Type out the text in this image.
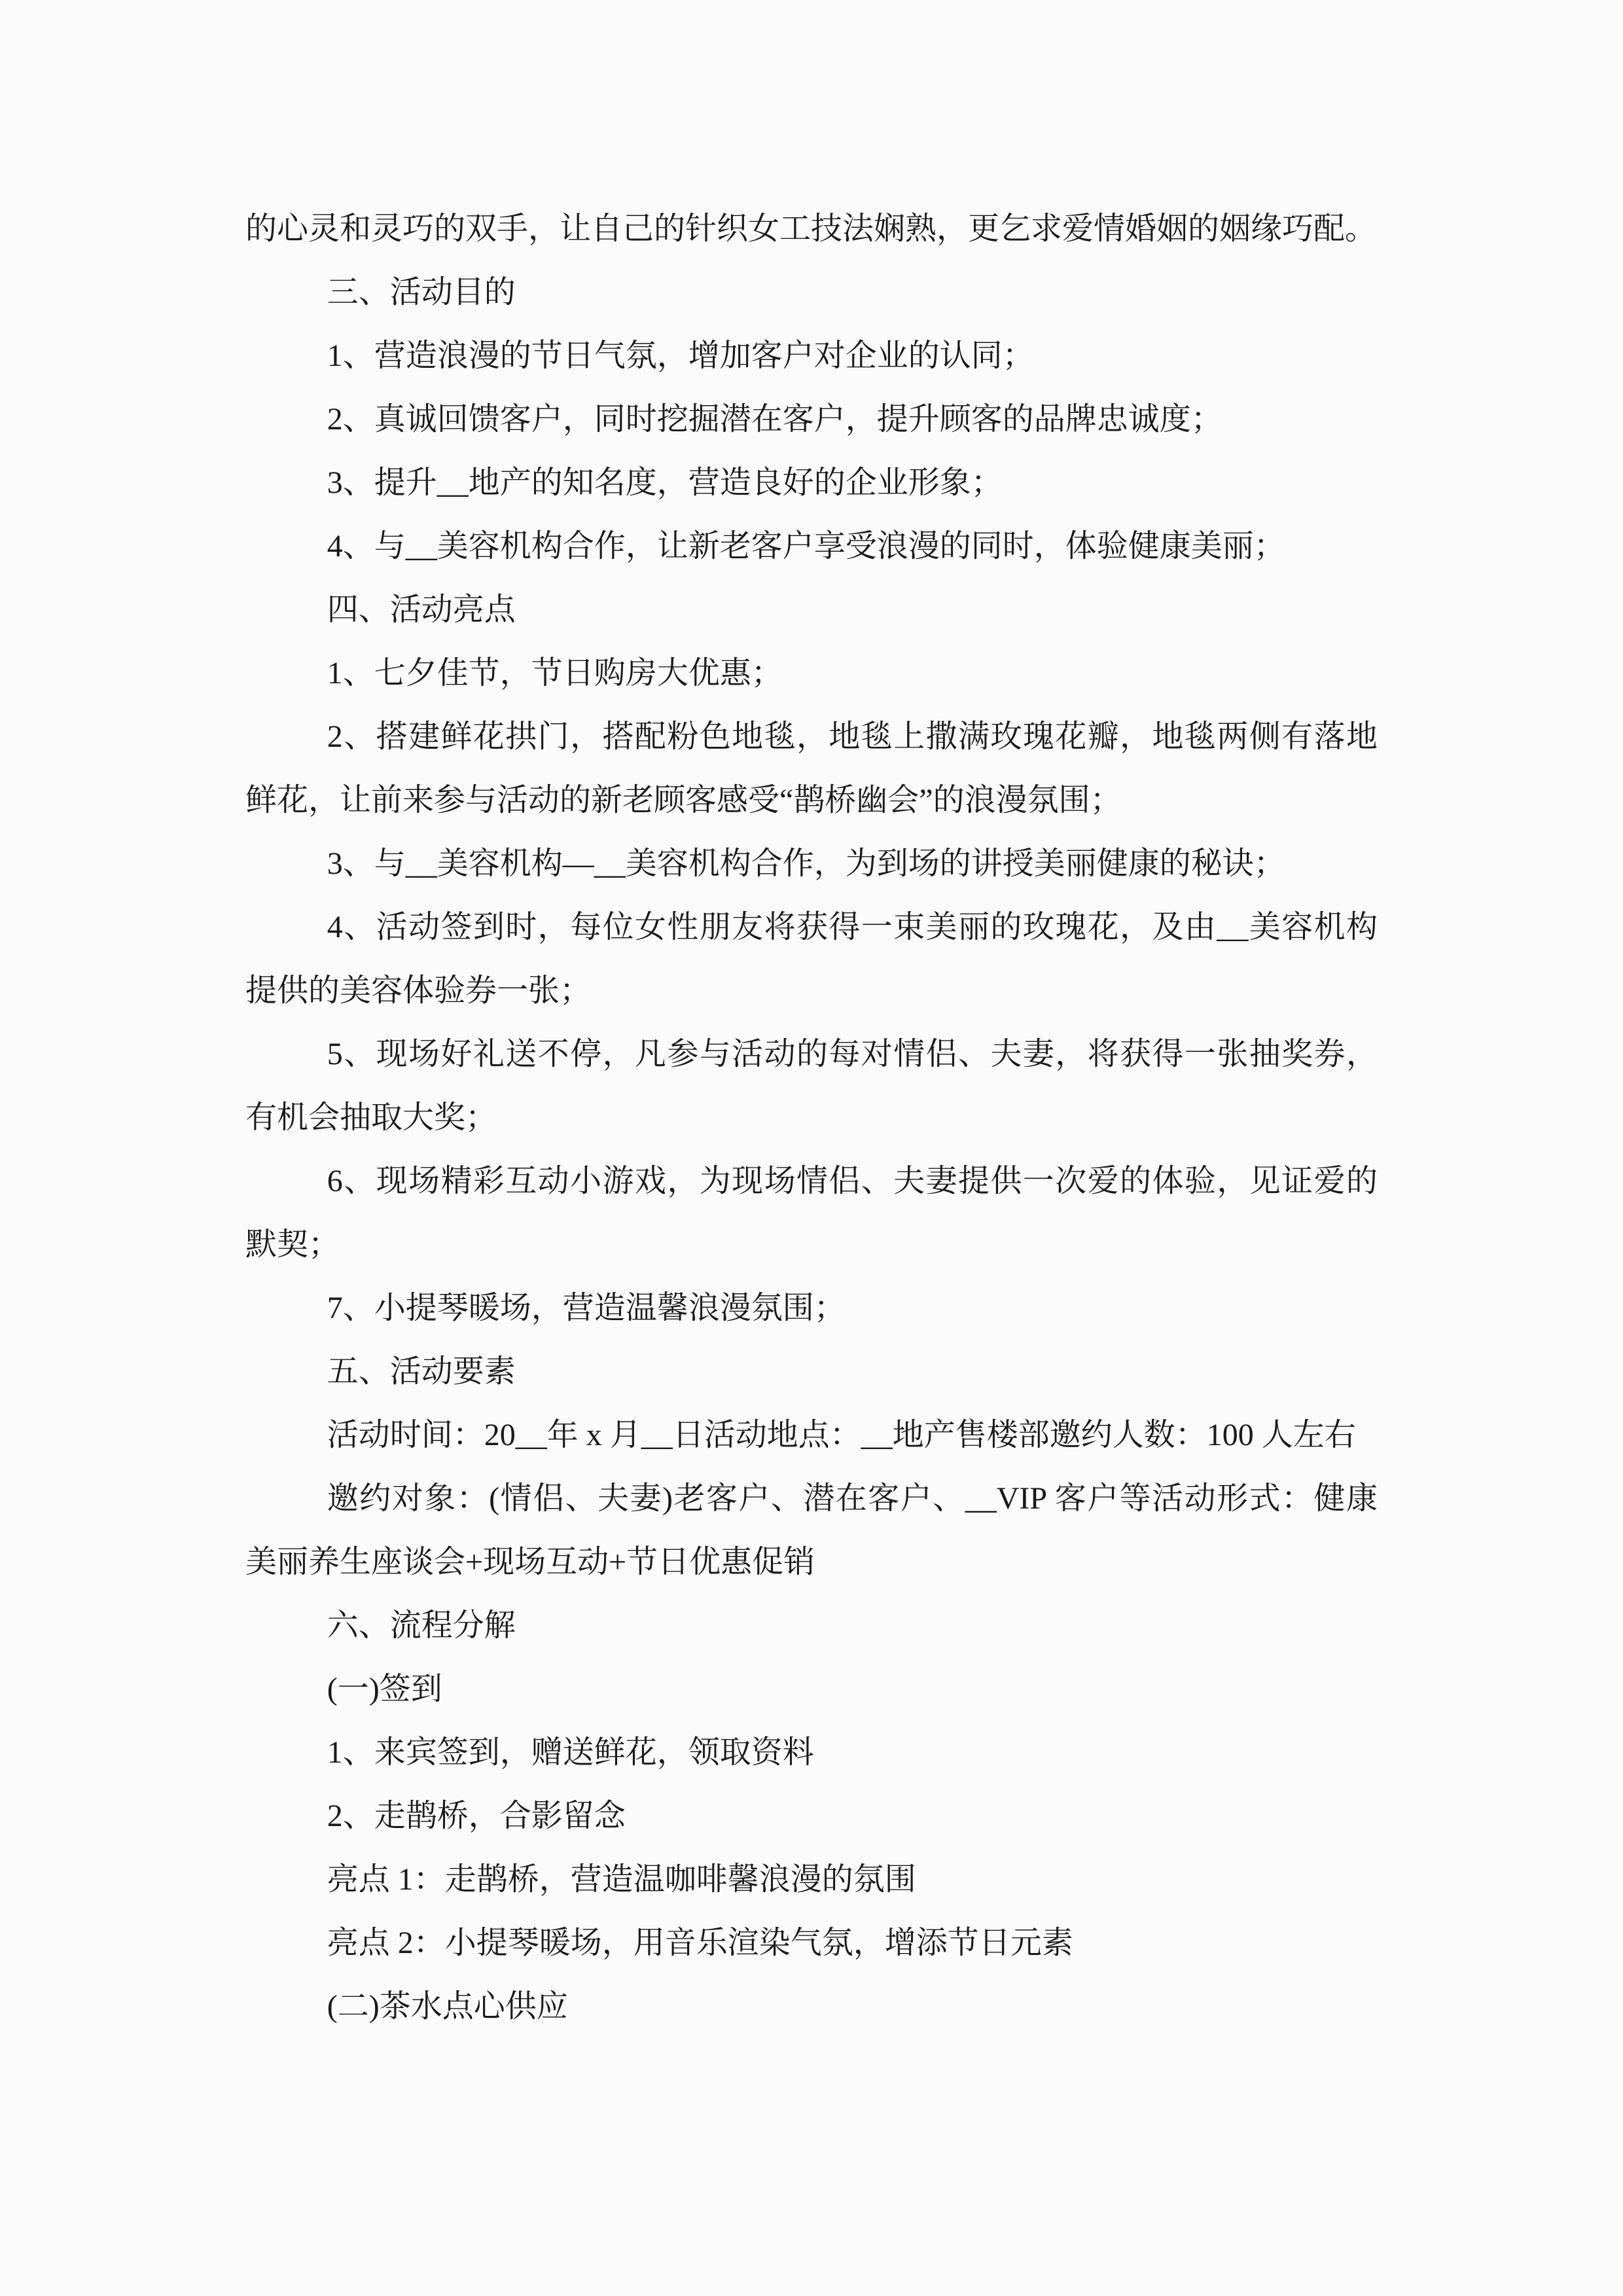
的心灵和灵巧的双手，让自己的针织女工技法娴熟，更乞求爱情婚姻的姻缘巧配。

三、活动目的

1、营造浪漫的节日气氛，增加客户对企业的认同；

2、真诚回馈客户，同时挖掘潜在客户，提升顾客的品牌忠诚度；

3、提升__地产的知名度，营造良好的企业形象；

4、与__美容机构合作，让新老客户享受浪漫的同时，体验健康美丽；

四、活动亮点

1、七夕佳节，节日购房大优惠；

2、搭建鲜花拱门，搭配粉色地毯，地毯上撒满玫瑰花瓣，地毯两侧有落地鲜花，让前来参与活动的新老顾客感受“鹊桥幽会”的浪漫氛围；

3、与__美容机构—__美容机构合作，为到场的讲授美丽健康的秘诀；

4、活动签到时，每位女性朋友将获得一束美丽的玫瑰花，及由__美容机构提供的美容体验券一张；

5、现场好礼送不停，凡参与活动的每对情侣、夫妻，将获得一张抽奖券，有机会抽取大奖；

6、现场精彩互动小游戏，为现场情侣、夫妻提供一次爱的体验，见证爱的默契；

7、小提琴暖场，营造温馨浪漫氛围；

五、活动要素

活动时间：20__年 x 月__日活动地点：__地产售楼部邀约人数：100 人左右

邀约对象：(情侣、夫妻)老客户、潜在客户、__VIP 客户等活动形式：健康美丽养生座谈会+现场互动+节日优惠促销

六、流程分解

(一)签到

1、来宾签到，赠送鲜花，领取资料

2、走鹊桥，合影留念

亮点 1：走鹊桥，营造温咖啡馨浪漫的氛围

亮点 2：小提琴暖场，用音乐渲染气氛，增添节日元素

(二)茶水点心供应
